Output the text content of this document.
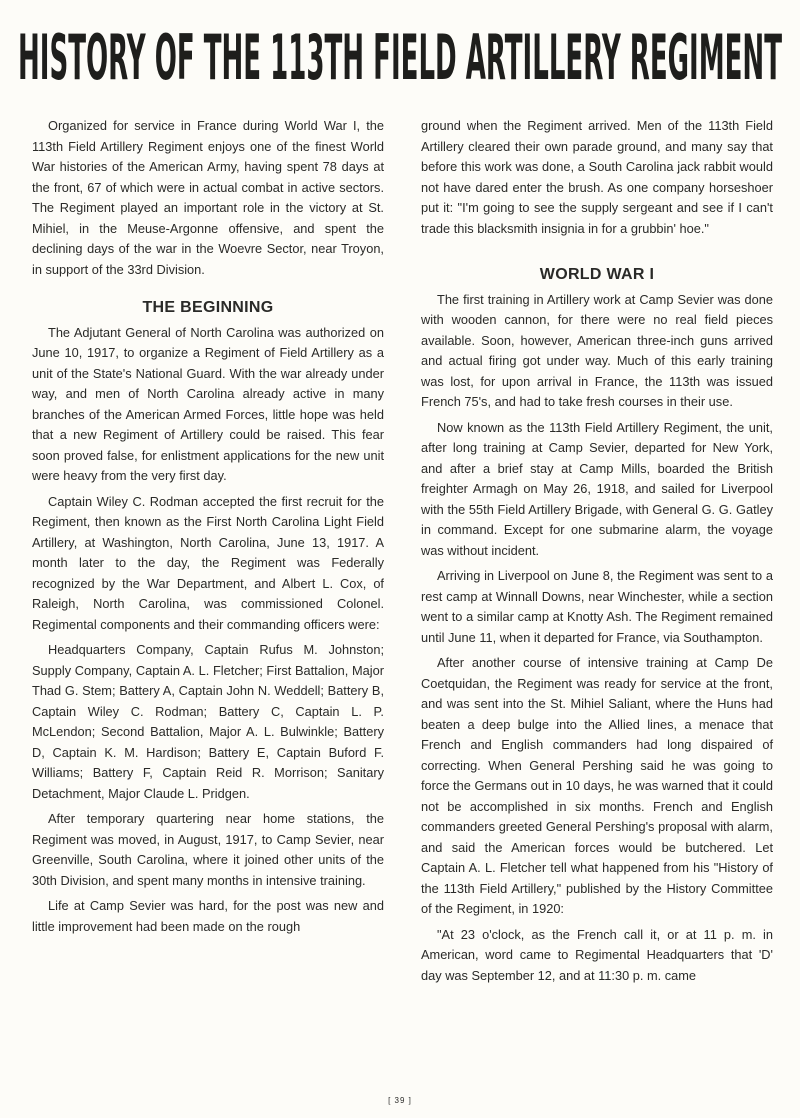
HISTORY OF THE 113TH FIELD ARTILLERY REGIMENT

Organized for service in France during World War I, the 113th Field Artillery Regiment enjoys one of the finest World War histories of the American Army, having spent 78 days at the front, 67 of which were in actual combat in active sectors. The Regiment played an important role in the victory at St. Mihiel, in the Meuse-Argonne offensive, and spent the declining days of the war in the Woevre Sector, near Troyon, in support of the 33rd Division.

THE BEGINNING

The Adjutant General of North Carolina was authorized on June 10, 1917, to organize a Regiment of Field Artillery as a unit of the State's National Guard. With the war already under way, and men of North Carolina already active in many branches of the American Armed Forces, little hope was held that a new Regiment of Artillery could be raised. This fear soon proved false, for enlistment applications for the new unit were heavy from the very first day.

Captain Wiley C. Rodman accepted the first recruit for the Regiment, then known as the First North Carolina Light Field Artillery, at Washington, North Carolina, June 13, 1917. A month later to the day, the Regiment was Federally recognized by the War Department, and Albert L. Cox, of Raleigh, North Carolina, was commissioned Colonel. Regimental components and their commanding officers were:

Headquarters Company, Captain Rufus M. Johnston; Supply Company, Captain A. L. Fletcher; First Battalion, Major Thad G. Stem; Battery A, Captain John N. Weddell; Battery B, Captain Wiley C. Rodman; Battery C, Captain L. P. McLendon; Second Battalion, Major A. L. Bulwinkle; Battery D, Captain K. M. Hardison; Battery E, Captain Buford F. Williams; Battery F, Captain Reid R. Morrison; Sanitary Detachment, Major Claude L. Pridgen.

After temporary quartering near home stations, the Regiment was moved, in August, 1917, to Camp Sevier, near Greenville, South Carolina, where it joined other units of the 30th Division, and spent many months in intensive training.

Life at Camp Sevier was hard, for the post was new and little improvement had been made on the rough

ground when the Regiment arrived. Men of the 113th Field Artillery cleared their own parade ground, and many say that before this work was done, a South Carolina jack rabbit would not have dared enter the brush. As one company horseshoer put it: "I'm going to see the supply sergeant and see if I can't trade this blacksmith insignia in for a grubbin' hoe."

WORLD WAR I

The first training in Artillery work at Camp Sevier was done with wooden cannon, for there were no real field pieces available. Soon, however, American three-inch guns arrived and actual firing got under way. Much of this early training was lost, for upon arrival in France, the 113th was issued French 75's, and had to take fresh courses in their use.

Now known as the 113th Field Artillery Regiment, the unit, after long training at Camp Sevier, departed for New York, and after a brief stay at Camp Mills, boarded the British freighter Armagh on May 26, 1918, and sailed for Liverpool with the 55th Field Artillery Brigade, with General G. G. Gatley in command. Except for one submarine alarm, the voyage was without incident.

Arriving in Liverpool on June 8, the Regiment was sent to a rest camp at Winnall Downs, near Winchester, while a section went to a similar camp at Knotty Ash. The Regiment remained until June 11, when it departed for France, via Southampton.

After another course of intensive training at Camp De Coetquidan, the Regiment was ready for service at the front, and was sent into the St. Mihiel Saliant, where the Huns had beaten a deep bulge into the Allied lines, a menace that French and English commanders had long dispaired of correcting. When General Pershing said he was going to force the Germans out in 10 days, he was warned that it could not be accomplished in six months. French and English commanders greeted General Pershing's proposal with alarm, and said the American forces would be butchered. Let Captain A. L. Fletcher tell what happened from his "History of the 113th Field Artillery," published by the History Committee of the Regiment, in 1920:

"At 23 o'clock, as the French call it, or at 11 p. m. in American, word came to Regimental Headquarters that 'D' day was September 12, and at 11:30 p. m. came

[ 39 ]
